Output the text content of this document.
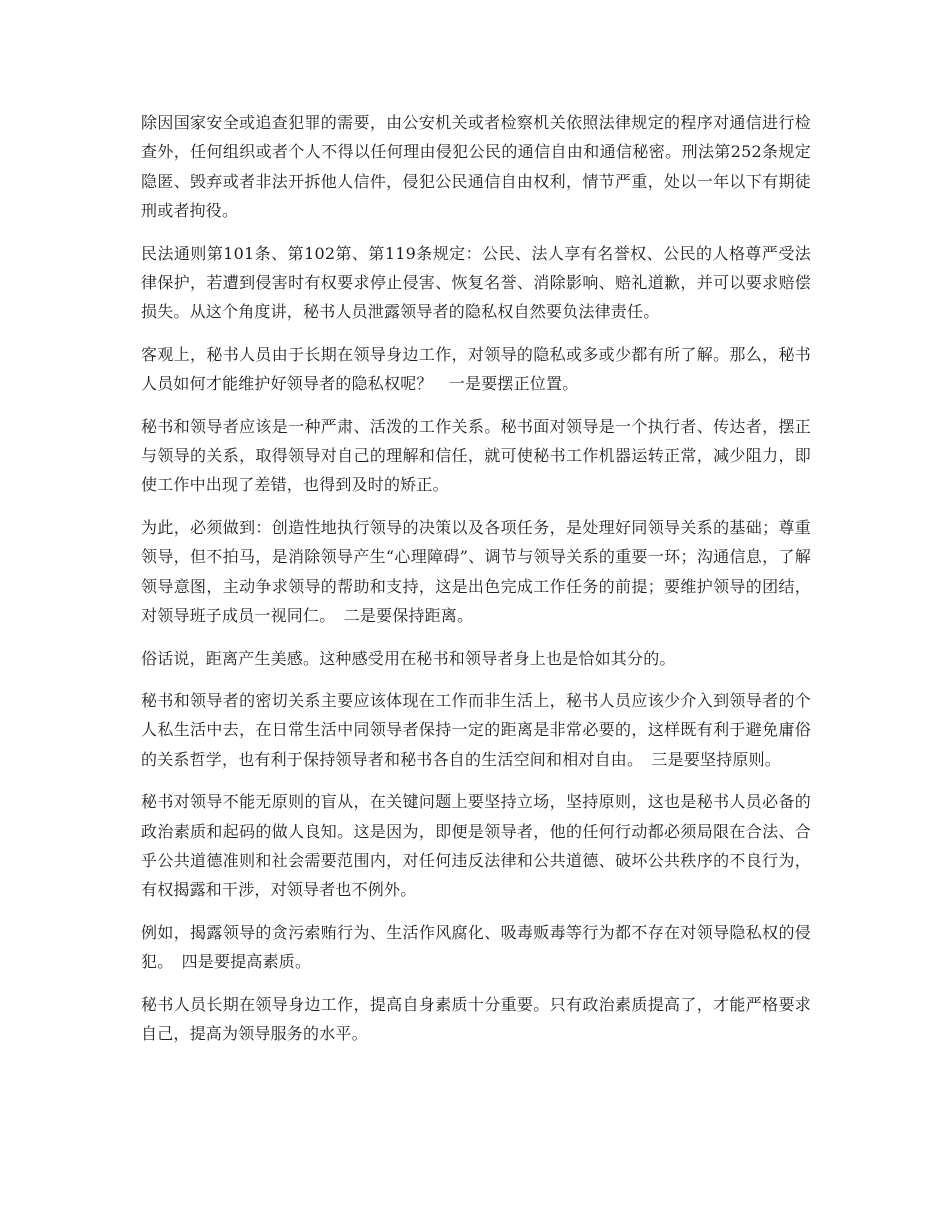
除因国家安全或追查犯罪的需要，由公安机关或者检察机关依照法律规定的程序对通信进行检查外，任何组织或者个人不得以任何理由侵犯公民的通信自由和通信秘密。刑法第252条规定隐匿、毁弃或者非法开拆他人信件，侵犯公民通信自由权利，情节严重，处以一年以下有期徒刑或者拘役。

民法通则第101条、第102第、第119条规定：公民、法人享有名誉权、公民的人格尊严受法律保护，若遭到侵害时有权要求停止侵害、恢复名誉、消除影响、赔礼道歉，并可以要求赔偿损失。从这个角度讲，秘书人员泄露领导者的隐私权自然要负法律责任。

客观上，秘书人员由于长期在领导身边工作，对领导的隐私或多或少都有所了解。那么，秘书人员如何才能维护好领导者的隐私权呢？　一是要摆正位置。

秘书和领导者应该是一种严肃、活泼的工作关系。秘书面对领导是一个执行者、传达者，摆正与领导的关系，取得领导对自己的理解和信任，就可使秘书工作机器运转正常，减少阻力，即使工作中出现了差错，也得到及时的矫正。

为此，必须做到：创造性地执行领导的决策以及各项任务，是处理好同领导关系的基础；尊重领导，但不拍马，是消除领导产生“心理障碍”、调节与领导关系的重要一环；沟通信息，了解领导意图，主动争求领导的帮助和支持，这是出色完成工作任务的前提；要维护领导的团结，对领导班子成员一视同仁。　二是要保持距离。

俗话说，距离产生美感。这种感受用在秘书和领导者身上也是恰如其分的。

秘书和领导者的密切关系主要应该体现在工作而非生活上，秘书人员应该少介入到领导者的个人私生活中去，在日常生活中同领导者保持一定的距离是非常必要的，这样既有利于避免庸俗的关系哲学，也有利于保持领导者和秘书各自的生活空间和相对自由。　三是要坚持原则。

秘书对领导不能无原则的盲从，在关键问题上要坚持立场，坚持原则，这也是秘书人员必备的政治素质和起码的做人良知。这是因为，即便是领导者，他的任何行动都必须局限在合法、合乎公共道德准则和社会需要范围内，对任何违反法律和公共道德、破坏公共秩序的不良行为，有权揭露和干涉，对领导者也不例外。

例如，揭露领导的贪污索贿行为、生活作风腐化、吸毒贩毒等行为都不存在对领导隐私权的侵犯。　四是要提高素质。

秘书人员长期在领导身边工作，提高自身素质十分重要。只有政治素质提高了，才能严格要求自己，提高为领导服务的水平。
